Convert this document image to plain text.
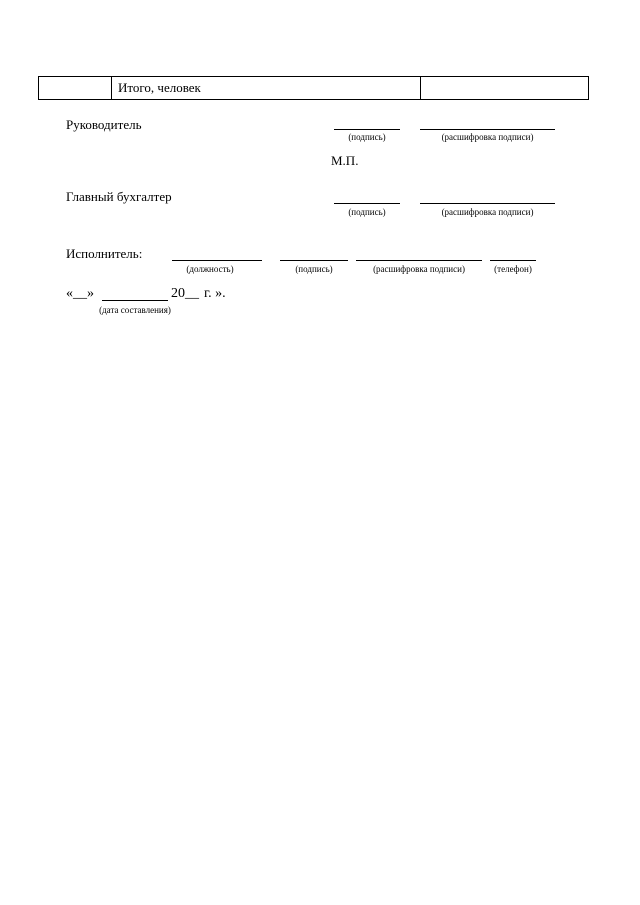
	Итого, человек	
Руководитель
(подпись)	(расшифровка подписи)
М.П.
Главный бухгалтер
(подпись)	(расшифровка подписи)
Исполнитель:
(должность)	(подпись)	(расшифровка подписи)	(телефон)
«__»	20__ г. ».
(дата составления)
